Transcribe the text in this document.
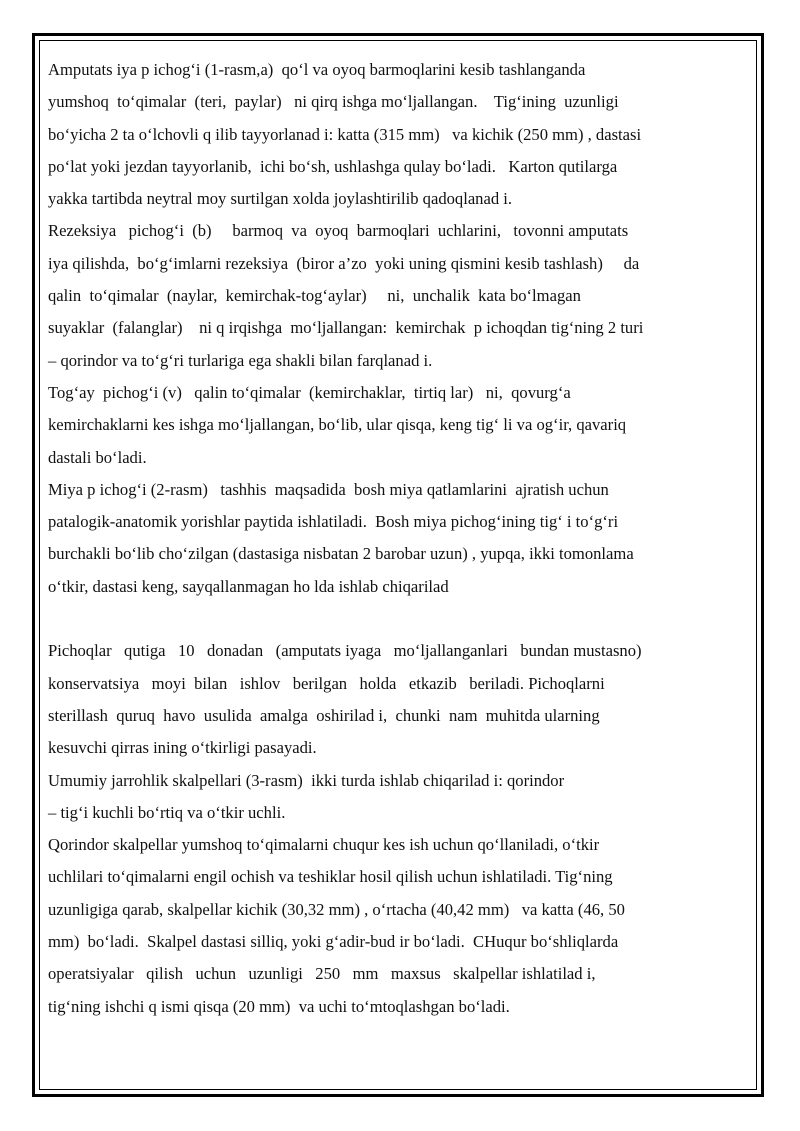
Amputats iya p ichog‘i (1-rasm,a)  qo‘l va oyoq barmoqlarini kesib tashlanganda
yumshoq  to‘qimalar  (teri,  paylar)   ni qirq ishga mo‘ljallangan.    Tig‘ining  uzunligi
bo‘yicha 2 ta o‘lchovli q ilib tayyorlanad i: katta (315 mm)   va kichik (250 mm) , dastasi
po‘lat yoki jezdan tayyorlanib,  ichi bo‘sh, ushlashga qulay bo‘ladi.   Karton qutilarga
yakka tartibda neytral moy surtilgan xolda joylashtirilib qadoqlanad i.
Rezeksiya   pichog‘i  (b)     barmoq  va  oyoq  barmoqlari  uchlarini,   tovonni amputats
iya qilishda,  bo‘g‘imlarni rezeksiya  (biror a’zo  yoki uning qismini kesib tashlash)     da
qalin  to‘qimalar  (naylar,  kemirchak-tog‘aylar)     ni,  unchalik  kata bo‘lmagan
suyaklar  (falanglar)    ni q irqishga  mo‘ljallangan:  kemirchak  p ichoqdan tig‘ning 2 turi
– qorindor va to‘g‘ri turlariga ega shakli bilan farqlanad i.
Tog‘ay  pichog‘i (v)   qalin to‘qimalar  (kemirchaklar,  tirtiq lar)   ni,  qovurg‘a
kemirchaklarni kes ishga mo‘ljallangan, bo‘lib, ular qisqa, keng tig‘ li va og‘ir, qavariq
dastali bo‘ladi.
Miya p ichog‘i (2-rasm)   tashhis  maqsadida  bosh miya qatlamlarini  ajratish uchun
patalogik-anatomik yorishlar paytida ishlatiladi.  Bosh miya pichog‘ining tig‘ i to‘g‘ri
burchakli bo‘lib cho‘zilgan (dastasiga nisbatan 2 barobar uzun) , yupqa, ikki tomonlama
o‘tkir, dastasi keng, sayqallanmagan ho lda ishlab chiqarilad
Pichoqlar   qutiga   10   donadan   (amputats iyaga   mo‘ljallanganlari   bundan mustasno)
konservatsiya   moyi  bilan   ishlov   berilgan   holda   etkazib   beriladi. Pichoqlarni
sterillash  quruq  havo  usulida  amalga  oshirilad i,  chunki  nam  muhitda ularning
kesuvchi qirras ining o‘tkirligi pasayadi.
Umumiy jarrohlik skalpellari (3-rasm)  ikki turda ishlab chiqarilad i: qorindor
– tig‘i kuchli bo‘rtiq va o‘tkir uchli.
Qorindor skalpellar yumshoq to‘qimalarni chuqur kes ish uchun qo‘llaniladi, o‘tkir
uchlilari to‘qimalarni engil ochish va teshiklar hosil qilish uchun ishlatiladi. Tig‘ning
uzunligiga qarab, skalpellar kichik (30,32 mm) , o‘rtacha (40,42 mm)   va katta (46, 50
mm)  bo‘ladi.  Skalpel dastasi silliq, yoki g‘adir-bud ir bo‘ladi.  CHuqur bo‘shliqlarda
operatsiyalar   qilish   uchun   uzunligi   250   mm   maxsus   skalpellar ishlatilad i,
tig‘ning ishchi q ismi qisqa (20 mm)  va uchi to‘mtoqlashgan bo‘ladi.
